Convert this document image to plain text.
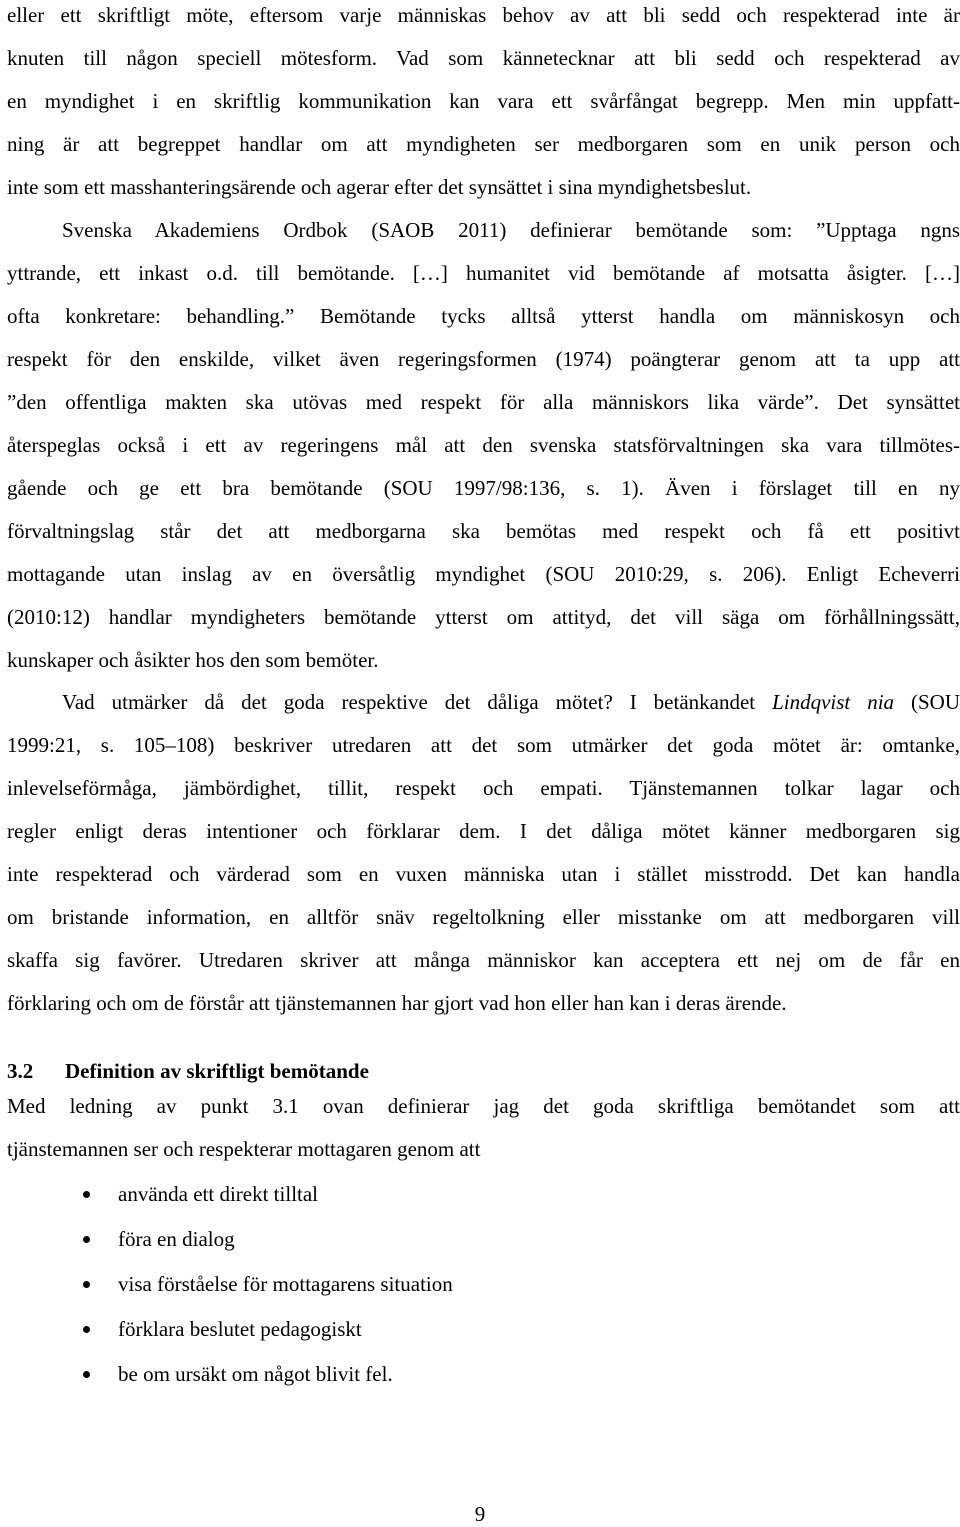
eller ett skriftligt möte, eftersom varje människas behov av att bli sedd och respekterad inte är
knuten till någon speciell mötesform. Vad som kännetecknar att bli sedd och respekterad av
en myndighet i en skriftlig kommunikation kan vara ett svårfångat begrepp. Men min uppfatt-
ning är att begreppet handlar om att myndigheten ser medborgaren som en unik person och
inte som ett masshanteringsärende och agerar efter det synsättet i sina myndighetsbeslut.
Svenska Akademiens Ordbok (SAOB 2011) definierar bemötande som: ”Upptaga ngns
yttrande, ett inkast o.d. till bemötande. […] humanitet vid bemötande af motsatta åsigter. […]
ofta konkretare: behandling.” Bemötande tycks alltså ytterst handla om människosyn och
respekt för den enskilde, vilket även regeringsformen (1974) poängterar genom att ta upp att
”den offentliga makten ska utövas med respekt för alla människors lika värde”. Det synsättet
återspeglas också i ett av regeringens mål att den svenska statsförvaltningen ska vara tillmötes-
gående och ge ett bra bemötande (SOU 1997/98:136, s. 1). Även i förslaget till en ny
förvaltningslag står det att medborgarna ska bemötas med respekt och få ett positivt
mottagande utan inslag av en översåtlig myndighet (SOU 2010:29, s. 206). Enligt Echeverri
(2010:12) handlar myndigheters bemötande ytterst om attityd, det vill säga om förhållningssätt,
kunskaper och åsikter hos den som bemöter.
Vad utmärker då det goda respektive det dåliga mötet? I betänkandet Lindqvist nia (SOU
1999:21, s. 105–108) beskriver utredaren att det som utmärker det goda mötet är: omtanke,
inlevelseförmåga, jämbördighet, tillit, respekt och empati. Tjänstemannen tolkar lagar och
regler enligt deras intentioner och förklarar dem. I det dåliga mötet känner medborgaren sig
inte respekterad och värderad som en vuxen människa utan i stället misstrodd. Det kan handla
om bristande information, en alltför snäv regeltolkning eller misstanke om att medborgaren vill
skaffa sig favörer. Utredaren skriver att många människor kan acceptera ett nej om de får en
förklaring och om de förstår att tjänstemannen har gjort vad hon eller han kan i deras ärende.
3.2 Definition av skriftligt bemötande
Med ledning av punkt 3.1 ovan definierar jag det goda skriftliga bemötandet som att
tjänstemannen ser och respekterar mottagaren genom att
använda ett direkt tilltal
föra en dialog
visa förståelse för mottagarens situation
förklara beslutet pedagogiskt
be om ursäkt om något blivit fel.
9
